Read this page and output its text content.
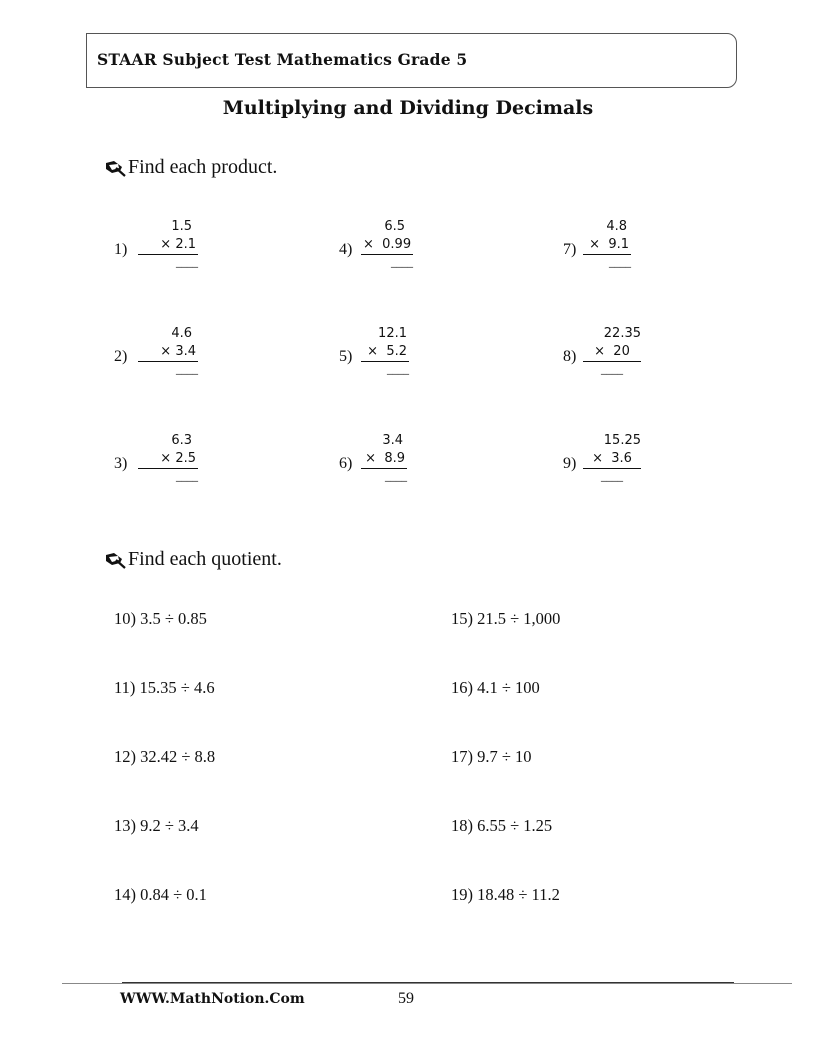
STAAR Subject Test Mathematics Grade 5
Multiplying and Dividing Decimals
Find each product.
1)
1.5
× 2.1
____
2)
4.6
× 3.4
____
3)
6.3
× 2.5
____
4)
6.5
×  0.99
____
5)
12.1
×  5.2
____
6)
3.4
×  8.9
____
7)
4.8
×  9.1
____
8)
22.35
×  20
____
9)
15.25
×  3.6
____
Find each quotient.
10) 3.5 ÷ 0.85
11) 15.35 ÷ 4.6
12) 32.42 ÷ 8.8
13) 9.2 ÷ 3.4
14) 0.84 ÷ 0.1
15) 21.5 ÷ 1,000
16) 4.1 ÷ 100
17) 9.7 ÷ 10
18) 6.55 ÷ 1.25
19) 18.48 ÷ 11.2
WWW.MathNotion.Com	59
